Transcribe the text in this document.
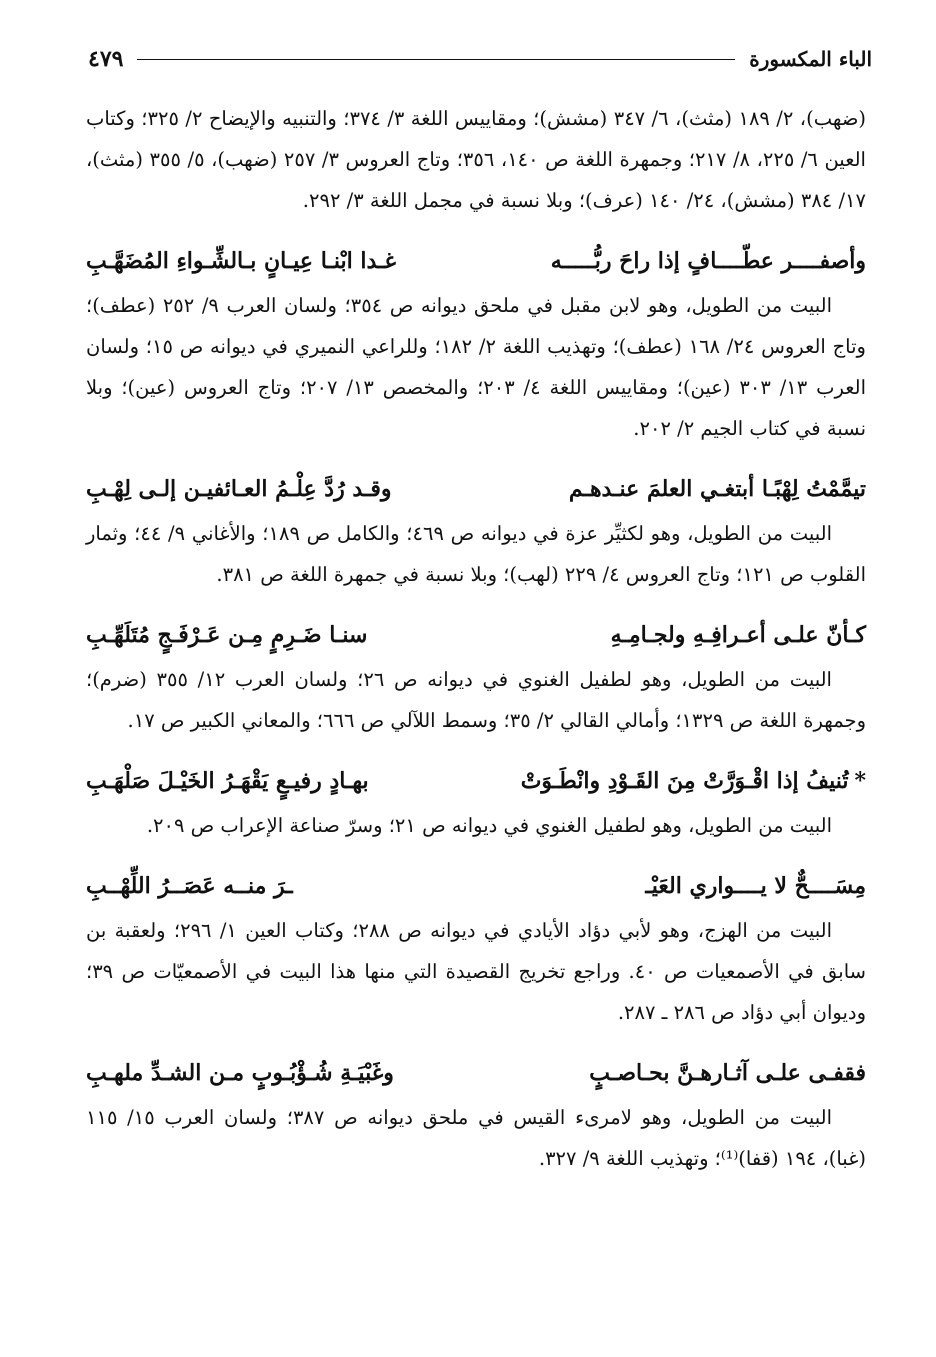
الباء المكسورة
٤٧٩

(ضهب)، ٢/ ١٨٩ (مثث)، ٦/ ٣٤٧ (مشش)؛ ومقاييس اللغة ٣/ ٣٧٤؛ والتنبيه والإيضاح ٢/ ٣٢٥؛ وكتاب العين ٦/ ٢٢٥، ٨/ ٢١٧؛ وجمهرة اللغة ص ١٤٠، ٣٥٦؛ وتاج العروس ٣/ ٢٥٧ (ضهب)، ٥/ ٣٥٥ (مثث)، ١٧/ ٣٨٤ (مشش)، ٢٤/ ١٤٠ (عرف)؛ وبلا نسبة في مجمل اللغة ٣/ ٢٩٢.

وأصفــــر عطّــــافٍ إذا راحَ ربُّـــــه
غـدا ابْنـا عِيـانٍ بـالشِّـواءِ المُضَهَّـبِ

البيت من الطويل، وهو لابن مقبل في ملحق ديوانه ص ٣٥٤؛ ولسان العرب ٩/ ٢٥٢ (عطف)؛ وتاج العروس ٢٤/ ١٦٨ (عطف)؛ وتهذيب اللغة ٢/ ١٨٢؛ وللراعي النميري في ديوانه ص ١٥؛ ولسان العرب ١٣/ ٣٠٣ (عين)؛ ومقاييس اللغة ٤/ ٢٠٣؛ والمخصص ١٣/ ٢٠٧؛ وتاج العروس (عين)؛ وبلا نسبة في كتاب الجيم ٢/ ٢٠٢.

تيمَّمْتُ لِهْبًـا أبتغـي العلمَ عنـدهـم
وقـد رُدَّ عِلْـمُ العـائفيـن إلـى لِهْـبِ

البيت من الطويل، وهو لكثيِّر عزة في ديوانه ص ٤٦٩؛ والكامل ص ١٨٩؛ والأغاني ٩/ ٤٤؛ وثمار القلوب ص ١٢١؛ وتاج العروس ٤/ ٢٢٩ (لهب)؛ وبلا نسبة في جمهرة اللغة ص ٣٨١.

كـأنّ علـى أعـرافِـهِ ولجـامِـهِ
سنـا ضَـرِمٍ مِـن عَـرْفَـجٍ مُتَلَهِّـبِ

البيت من الطويل، وهو لطفيل الغنوي في ديوانه ص ٢٦؛ ولسان العرب ١٢/ ٣٥٥ (ضرم)؛ وجمهرة اللغة ص ١٣٢٩؛ وأمالي القالي ٢/ ٣٥؛ وسمط اللآلي ص ٦٦٦؛ والمعاني الكبير ص ١٧.

*تُنيفُ إذا اقْـوَرَّتْ مِنَ القَـوْدِ وانْطَـوَتْ
بهـادٍ رفيـعٍ يَقْهَـرُ الخَيْـلَ صَلْهَـبِ

البيت من الطويل، وهو لطفيل الغنوي في ديوانه ص ٢١؛ وسرّ صناعة الإعراب ص ٢٠٩.

مِسَــــحٌّ لا يــــواري العَيْـ
ـرَ منــه عَصَــرُ اللِّهْــبِ

البيت من الهزج، وهو لأبي دؤاد الأيادي في ديوانه ص ٢٨٨؛ وكتاب العين ١/ ٢٩٦؛ ولعقبة بن سابق في الأصمعيات ص ٤٠. وراجع تخريج القصيدة التي منها هذا البيت في الأصمعيّات ص ٣٩؛ وديوان أبي دؤاد ص ٢٨٦ ـ ٢٨٧.

فقفـى علـى آثـارهـنَّ بحـاصـبٍ
وغَبْيَـةِ شُـؤْبُـوبٍ مـن الشـدِّ ملهـبِ

البيت من الطويل، وهو لامرىء القيس في ملحق ديوانه ص ٣٨٧؛ ولسان العرب ١٥/ ١١٥ (غبا)، ١٩٤ (قفا)⁽¹⁾؛ وتهذيب اللغة ٩/ ٣٢٧.
